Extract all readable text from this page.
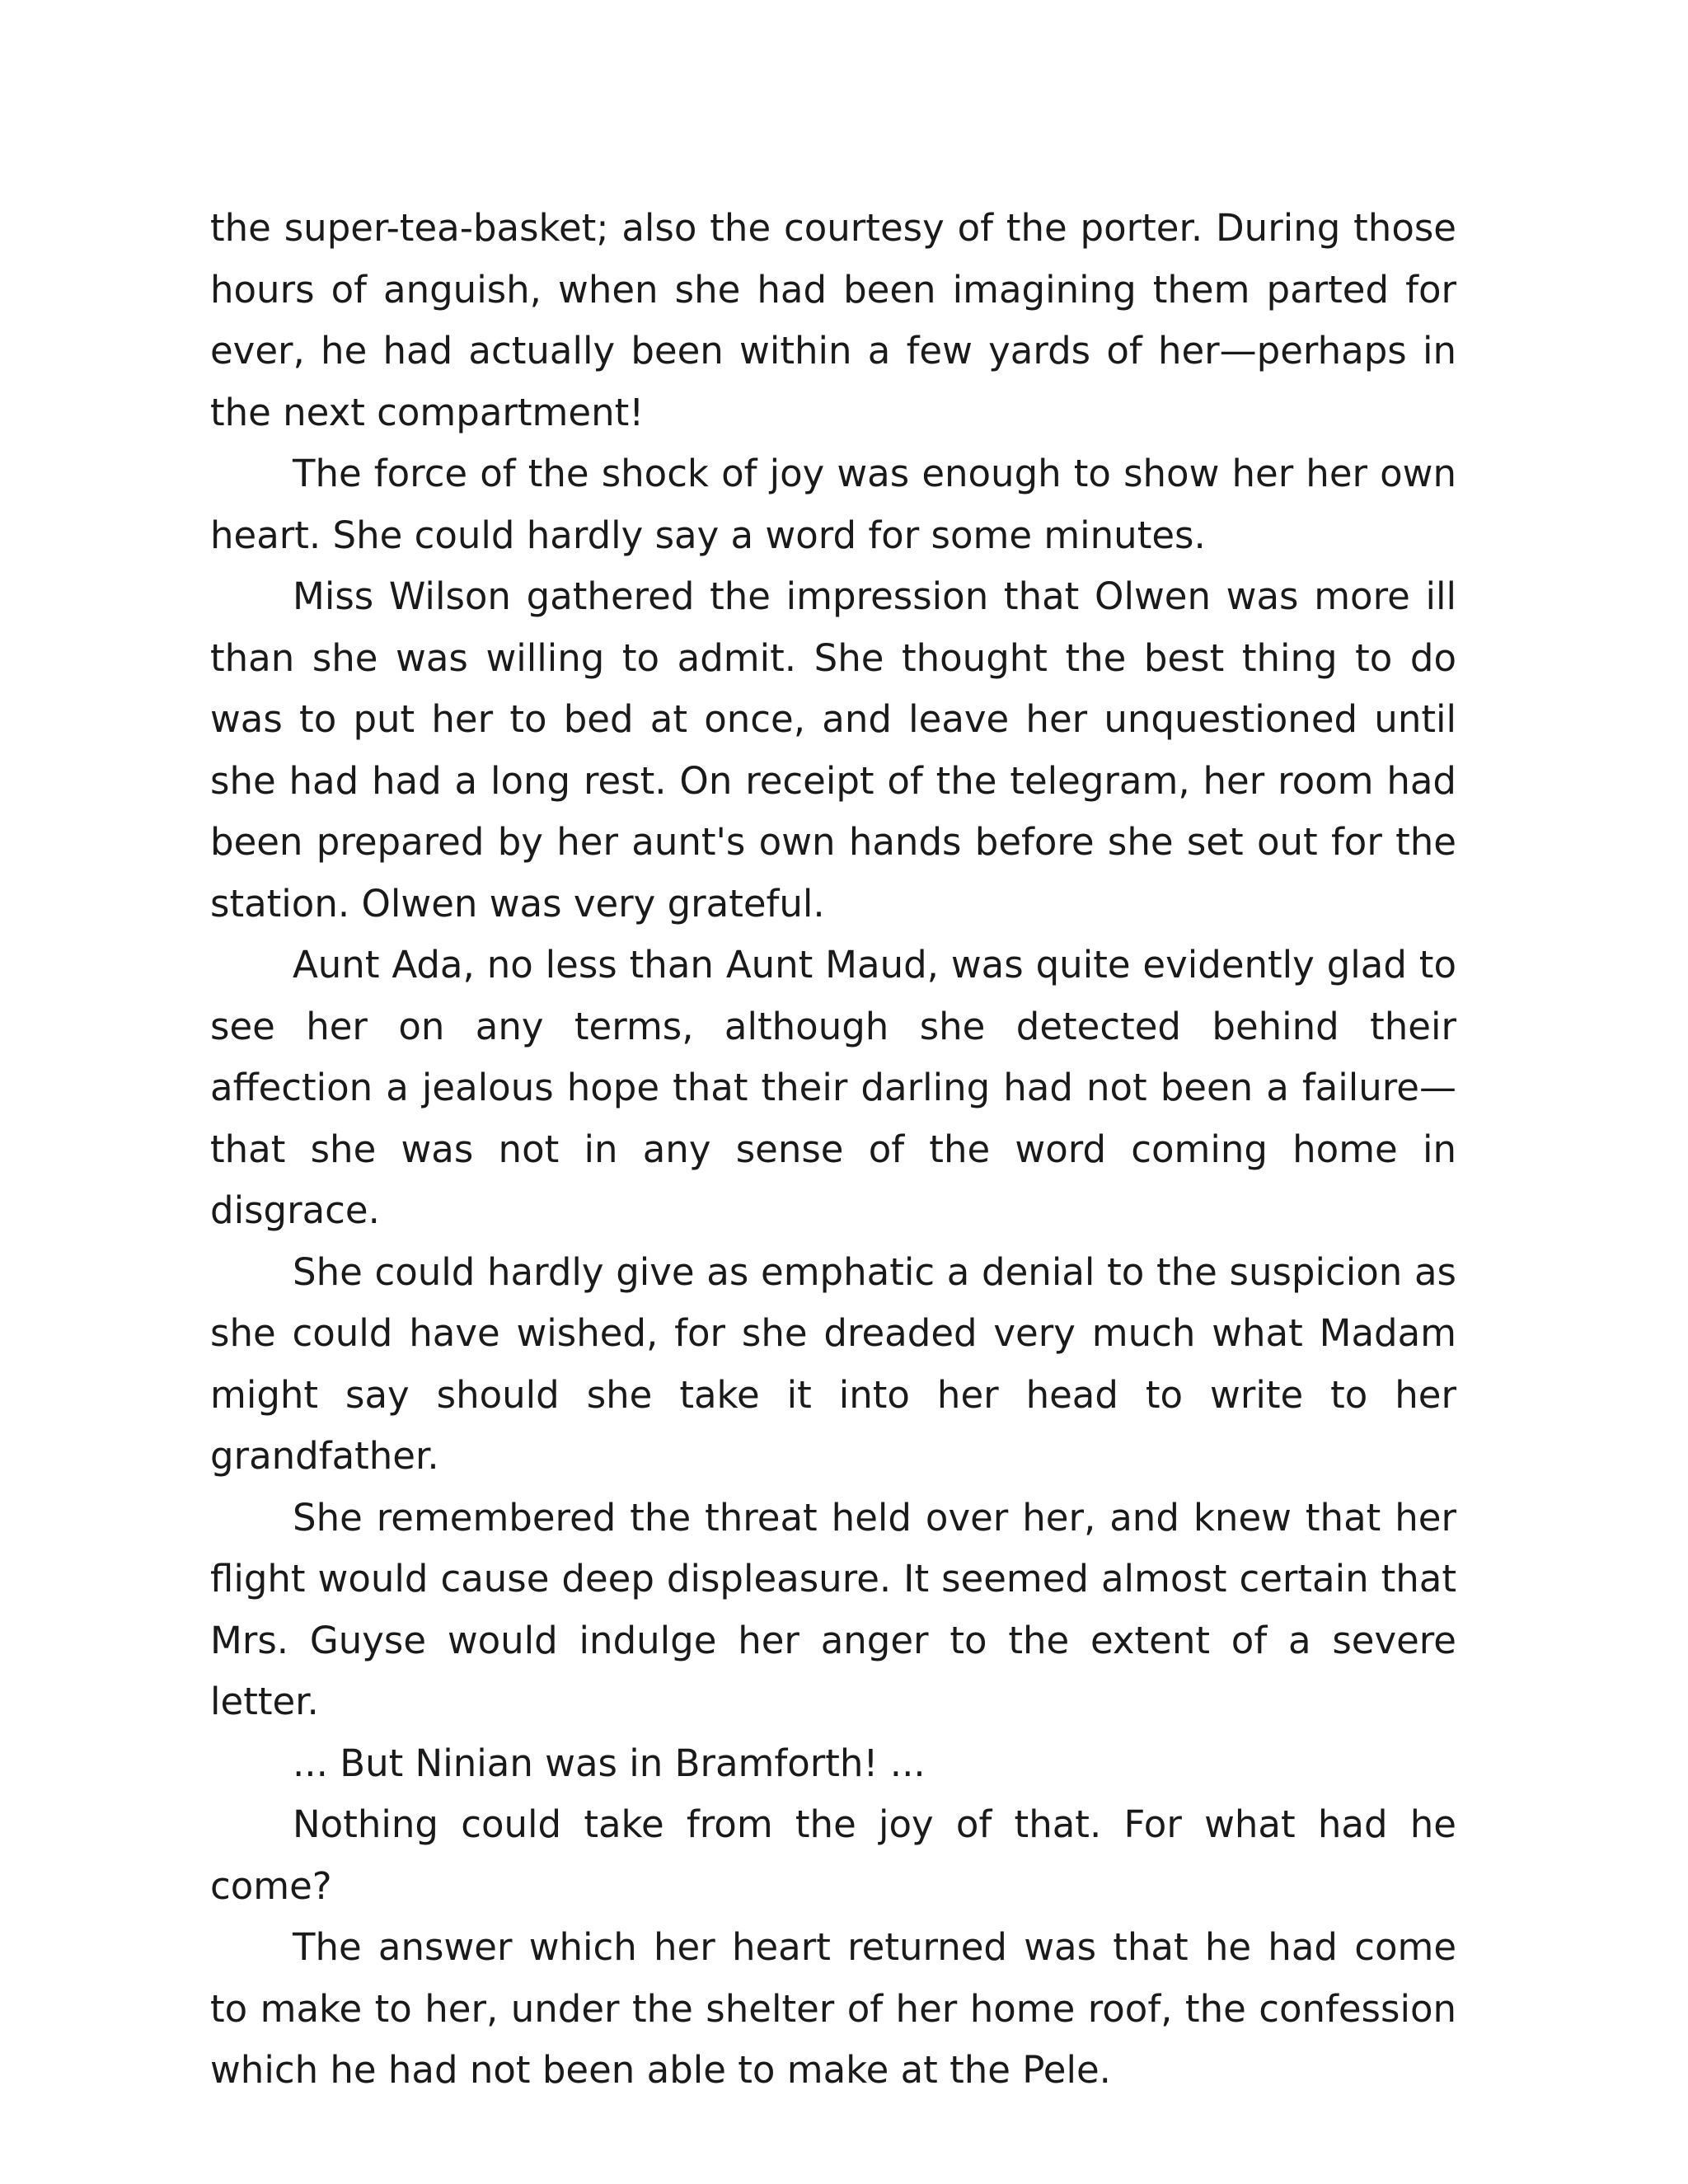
the super-tea-basket; also the courtesy of the porter. During those hours of anguish, when she had been imagining them parted for ever, he had actually been within a few yards of her—perhaps in the next compartment!

The force of the shock of joy was enough to show her her own heart. She could hardly say a word for some minutes.

Miss Wilson gathered the impression that Olwen was more ill than she was willing to admit. She thought the best thing to do was to put her to bed at once, and leave her unquestioned until she had had a long rest. On receipt of the telegram, her room had been prepared by her aunt's own hands before she set out for the station. Olwen was very grateful.

Aunt Ada, no less than Aunt Maud, was quite evidently glad to see her on any terms, although she detected behind their affection a jealous hope that their darling had not been a failure—that she was not in any sense of the word coming home in disgrace.

She could hardly give as emphatic a denial to the suspicion as she could have wished, for she dreaded very much what Madam might say should she take it into her head to write to her grandfather.

She remembered the threat held over her, and knew that her flight would cause deep displeasure. It seemed almost certain that Mrs. Guyse would indulge her anger to the extent of a severe letter.

... But Ninian was in Bramforth! ...

Nothing could take from the joy of that. For what had he come?

The answer which her heart returned was that he had come to make to her, under the shelter of her home roof, the confession which he had not been able to make at the Pele.
